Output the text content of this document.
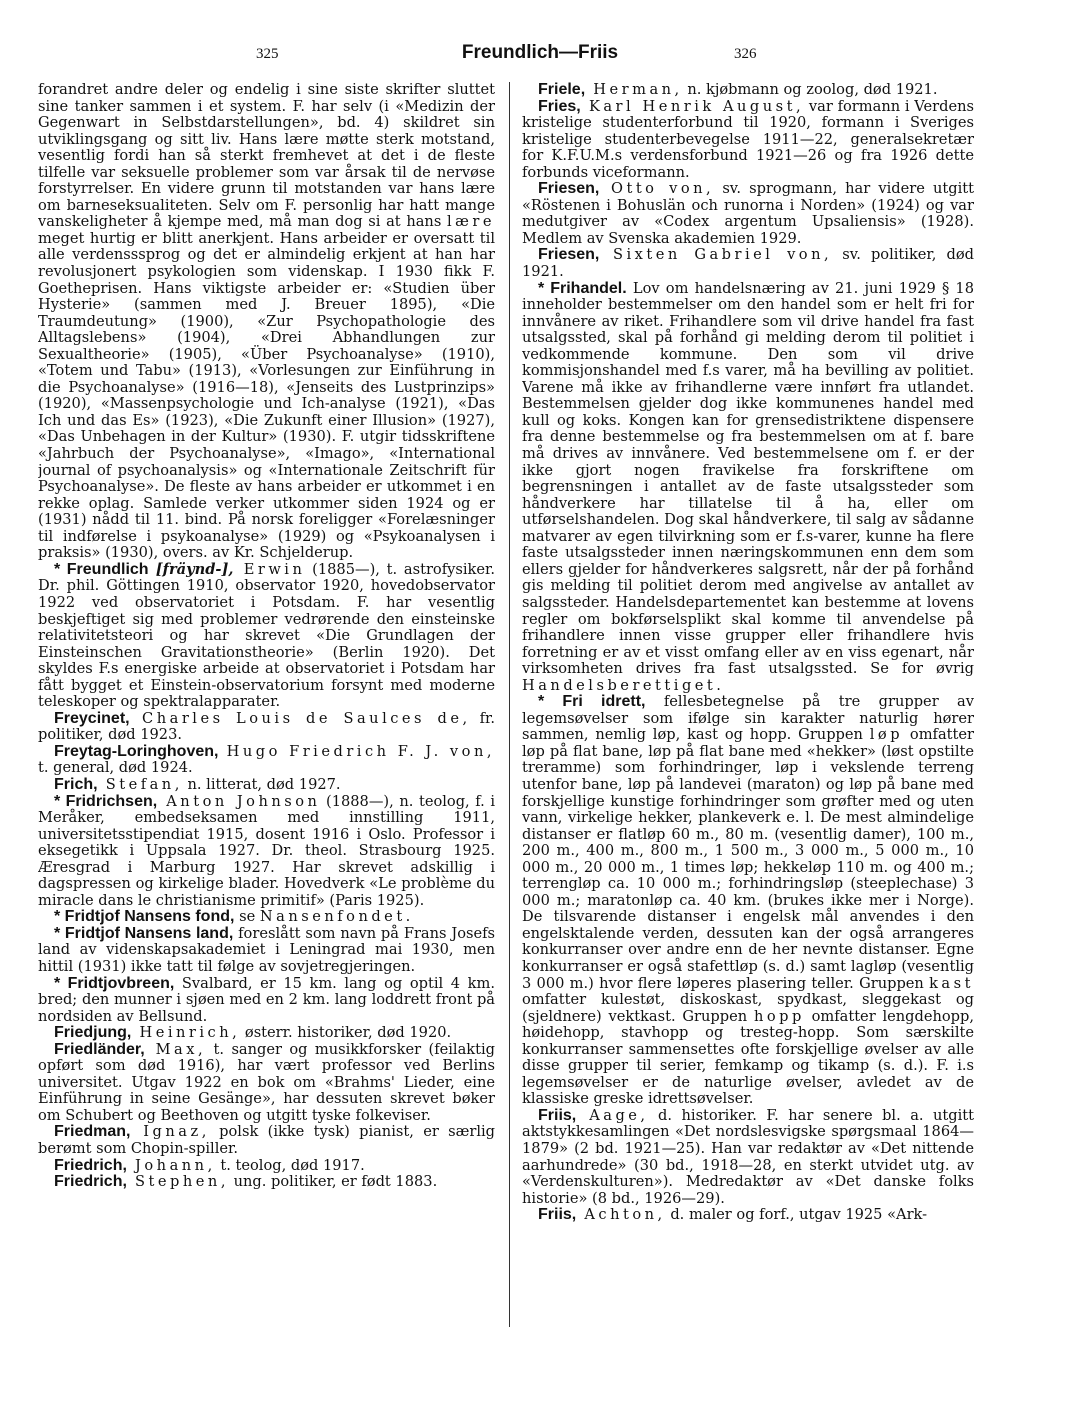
325	Freundlich—Friis	326

forandret andre deler og endelig i sine siste skrifter sluttet sine tanker sammen i et system. F. har selv (i «Medizin der Gegenwart in Selbstdarstellungen», bd. 4) skildret sin utviklingsgang og sitt liv. Hans lære møtte sterk motstand, vesentlig fordi han så sterkt fremhevet at det i de fleste tilfelle var seksuelle problemer som var årsak til de nervøse forstyrrelser. En videre grunn til motstanden var hans lære om barneseksualiteten. Selv om F. personlig har hatt mange vanskeligheter å kjempe med, må man dog si at hans lære meget hurtig er blitt anerkjent. Hans arbeider er oversatt til alle verdensssprog og det er almindelig erkjent at han har revolusjonert psykologien som videnskap. I 1930 fikk F. Goetheprisen. Hans viktigste arbeider er: «Studien über Hysterie» (sammen med J. Breuer 1895), «Die Traumdeutung» (1900), «Zur Psychopathologie des Alltagslebens» (1904), «Drei Abhandlungen zur Sexualtheorie» (1905), «Über Psychoanalyse» (1910), «Totem und Tabu» (1913), «Vorlesungen zur Einführung in die Psychoanalyse» (1916—18), «Jenseits des Lustprinzips» (1920), «Massenpsychologie und Ich-analyse (1921), «Das Ich und das Es» (1923), «Die Zukunft einer Illusion» (1927), «Das Unbehagen in der Kultur» (1930). F. utgir tidsskriftene «Jahrbuch der Psychoanalyse», «Imago», «International journal of psychoanalysis» og «Internationale Zeitschrift für Psychoanalyse». De fleste av hans arbeider er utkommet i en rekke oplag. Samlede verker utkommer siden 1924 og er (1931) nådd til 11. bind. På norsk foreligger «Forelæsninger til indførelse i psykoanalyse» (1929) og «Psykoanalysen i praksis» (1930), overs. av Kr. Schjelderup.

* Freundlich [fräynd-], Erwin (1885—), t. astrofysiker. Dr. phil. Göttingen 1910, observator 1920, hovedobservator 1922 ved observatoriet i Potsdam. F. har vesentlig beskjeftiget sig med problemer vedrørende den einsteinske relativitetsteori og har skrevet «Die Grundlagen der Einsteinschen Gravitationstheorie» (Berlin 1920). Det skyldes F.s energiske arbeide at observatoriet i Potsdam har fått bygget et Einstein-observatorium forsynt med moderne teleskoper og spektralapparater.

Freycinet, Charles Louis de Saulces de, fr. politiker, død 1923.

Freytag-Loringhoven, Hugo Friedrich F. J. von, t. general, død 1924.

Frich, Stefan, n. litterat, død 1927.

* Fridrichsen, Anton Johnson (1888—), n. teolog, f. i Meråker, embedseksamen med innstilling 1911, universitetsstipendiat 1915, dosent 1916 i Oslo. Professor i eksegetikk i Uppsala 1927. Dr. theol. Strasbourg 1925. Æresgrad i Marburg 1927. Har skrevet adskillig i dagspressen og kirkelige blader. Hovedverk «Le problème du miracle dans le christianisme primitif» (Paris 1925).

* Fridtjof Nansens fond, se Nansenfondet.

* Fridtjof Nansens land, foreslått som navn på Frans Josefs land av videnskapsakademiet i Leningrad mai 1930, men hittil (1931) ikke tatt til følge av sovjetregjeringen.

* Fridtjovbreen, Svalbard, er 15 km. lang og optil 4 km. bred; den munner i sjøen med en 2 km. lang loddrett front på nordsiden av Bellsund.

Friedjung, Heinrich, østerr. historiker, død 1920.

Friedländer, Max, t. sanger og musikkforsker (feilaktig opført som død 1916), har vært professor ved Berlins universitet. Utgav 1922 en bok om «Brahms' Lieder, eine Einführung in seine Gesänge», har dessuten skrevet bøker om Schubert og Beethoven og utgitt tyske folkeviser.

Friedman, Ignaz, polsk (ikke tysk) pianist, er særlig berømt som Chopin-spiller.

Friedrich, Johann, t. teolog, død 1917.

Friedrich, Stephen, ung. politiker, er født 1883.

Friele, Herman, n. kjøbmann og zoolog, død 1921.

Fries, Karl Henrik August, var formann i Verdens kristelige studenterforbund til 1920, formann i Sveriges kristelige studenterbevegelse 1911—22, generalsekretær for K.F.U.M.s verdensforbund 1921—26 og fra 1926 dette forbunds viceformann.

Friesen, Otto von, sv. sprogmann, har videre utgitt «Röstenen i Bohuslän och runorna i Norden» (1924) og var medutgiver av «Codex argentum Upsaliensis» (1928). Medlem av Svenska akademien 1929.

Friesen, Sixten Gabriel von, sv. politiker, død 1921.

* Frihandel. Lov om handelsnæring av 21. juni 1929 § 18 inneholder bestemmelser om den handel som er helt fri for innvånere av riket. Frihandlere som vil drive handel fra fast utsalgssted, skal på forhånd gi melding derom til politiet i vedkommende kommune. Den som vil drive kommisjonshandel med f.s varer, må ha bevilling av politiet. Varene må ikke av frihandlerne være innført fra utlandet. Bestemmelsen gjelder dog ikke kommunenes handel med kull og koks. Kongen kan for grensedistriktene dispensere fra denne bestemmelse og fra bestemmelsen om at f. bare må drives av innvånere. Ved bestemmelsene om f. er der ikke gjort nogen fravikelse fra forskriftene om begrensningen i antallet av de faste utsalgssteder som håndverkere har tillatelse til å ha, eller om utførselshandelen. Dog skal håndverkere, til salg av sådanne matvarer av egen tilvirkning som er f.s-varer, kunne ha flere faste utsalgssteder innen næringskommunen enn dem som ellers gjelder for håndverkeres salgsrett, når der på forhånd gis melding til politiet derom med angivelse av antallet av salgssteder. Handelsdepartementet kan bestemme at lovens regler om bokførselsplikt skal komme til anvendelse på frihandlere innen visse grupper eller frihandlere hvis forretning er av et visst omfang eller av en viss egenart, når virksomheten drives fra fast utsalgssted. Se for øvrig Handelsberettiget.

* Fri idrett, fellesbetegnelse på tre grupper av legemsøvelser som ifølge sin karakter naturlig hører sammen, nemlig løp, kast og hopp. Gruppen løp omfatter løp på flat bane, løp på flat bane med «hekker» (løst opstilte treramme) som forhindringer, løp i vekslende terreng utenfor bane, løp på landevei (maraton) og løp på bane med forskjellige kunstige forhindringer som grøfter med og uten vann, virkelige hekker, plankeverk e. l. De mest almindelige distanser er flatløp 60 m., 80 m. (vesentlig damer), 100 m., 200 m., 400 m., 800 m., 1 500 m., 3 000 m., 5 000 m., 10 000 m., 20 000 m., 1 times løp; hekkeløp 110 m. og 400 m.; terrengløp ca. 10 000 m.; forhindringsløp (steeplechase) 3 000 m.; maratonløp ca. 40 km. (brukes ikke mer i Norge). De tilsvarende distanser i engelsk mål anvendes i den engelsktalende verden, dessuten kan der også arrangeres konkurranser over andre enn de her nevnte distanser. Egne konkurranser er også stafettløp (s. d.) samt lagløp (vesentlig 3 000 m.) hvor flere løperes plasering teller. Gruppen kast omfatter kulestøt, diskoskast, spydkast, sleggekast og (sjeldnere) vektkast. Gruppen hopp omfatter lengdehopp, høidehopp, stavhopp og tresteg-hopp. Som særskilte konkurranser sammensettes ofte forskjellige øvelser av alle disse grupper til serier, femkamp og tikamp (s. d.). F. i.s legemsøvelser er de naturlige øvelser, avledet av de klassiske greske idrettsøvelser.

Friis, Aage, d. historiker. F. har senere bl. a. utgitt aktstykkesamlingen «Det nordslesvigske spørgsmaal 1864—1879» (2 bd. 1921—25). Han var redaktør av «Det nittende aarhundrede» (30 bd., 1918—28, en sterkt utvidet utg. av «Verdenskulturen»). Medredaktør av «Det danske folks historie» (8 bd., 1926—29).

Friis, Achton, d. maler og forf., utgav 1925 «Ark-
